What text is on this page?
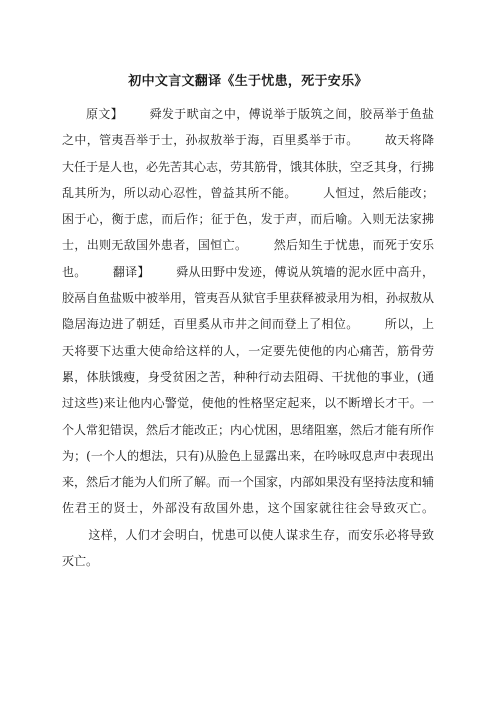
初中文言文翻译《生于忧患，死于安乐》

原文】 舜发于畎亩之中，傅说举于版筑之间，胶鬲举于鱼盐之中，管夷吾举于士，孙叔敖举于海，百里奚举于市。 故天将降大任于是人也，必先苦其心志，劳其筋骨，饿其体肤，空乏其身，行拂乱其所为，所以动心忍性，曾益其所不能。 人恒过，然后能改；困于心，衡于虑，而后作；征于色，发于声，而后喻。入则无法家拂士，出则无敌国外患者，国恒亡。 然后知生于忧患，而死于安乐也。 翻译】 舜从田野中发迹，傅说从筑墙的泥水匠中高升，胶鬲自鱼盐贩中被举用，管夷吾从狱官手里获释被录用为相，孙叔敖从隐居海边进了朝廷，百里奚从市井之间而登上了相位。 所以，上天将要下达重大使命给这样的人，一定要先使他的内心痛苦，筋骨劳累，体肤饿瘦，身受贫困之苦，种种行动去阻碍、干扰他的事业，(通过这些)来让他内心警觉，使他的性格坚定起来，以不断增长才干。一个人常犯错误，然后才能改正；内心忧困，思绪阻塞，然后才能有所作为；(一个人的想法，只有)从脸色上显露出来，在吟咏叹息声中表现出来，然后才能为人们所了解。而一个国家，内部如果没有坚持法度和辅佐君王的贤士，外部没有敌国外患，这个国家就往往会导致灭亡。这样，人们才会明白，忧患可以使人谋求生存，而安乐必将导致灭亡。
